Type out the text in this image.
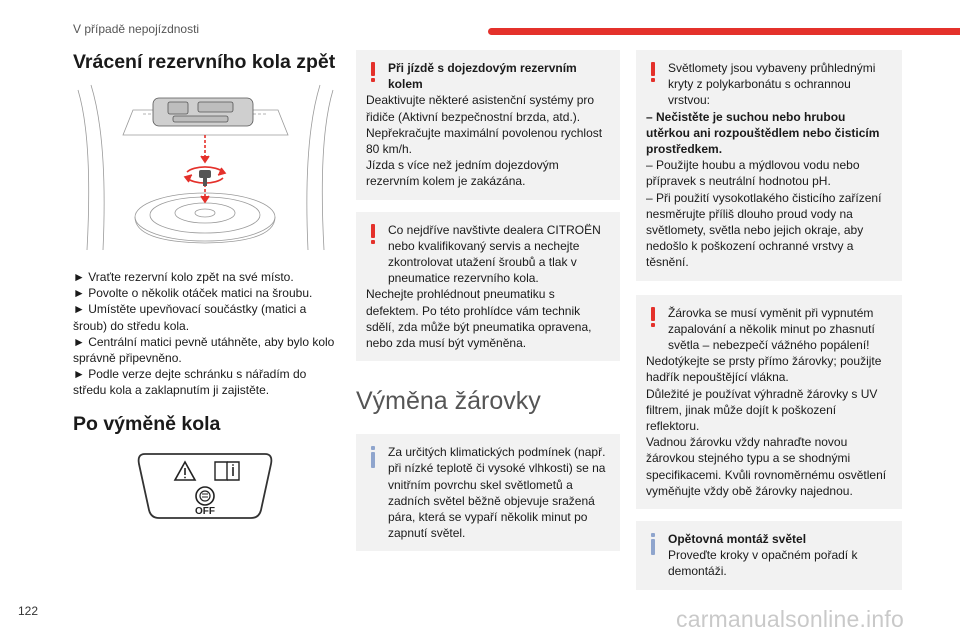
V případě nepojízdnosti
Vrácení rezervního kola zpět

► Vraťte rezervní kolo zpět na své místo.

► Povolte o několik otáček matici na šroubu.

► Umístěte upevňovací součástky (matici a šroub) do středu kola.

► Centrální matici pevně utáhněte, aby bylo kolo správně připevněno.

► Podle verze dejte schránku s nářadím do středu kola a zaklapnutím ji zajistěte.

Po výměně kola
OFF

Při jízdě s dojezdovým rezervním kolem

Deaktivujte některé asistenční systémy pro řidiče (Aktivní bezpečnostní brzda, atd.).

Nepřekračujte maximální povolenou rychlost 80 km/h.

Jízda s více než jedním dojezdovým rezervním kolem je zakázána.

Co nejdříve navštivte dealera CITROËN nebo kvalifikovaný servis a nechejte zkontrolovat utažení šroubů a tlak v pneumatice rezervního kola.

Nechejte prohlédnout pneumatiku s defektem. Po této prohlídce vám technik sdělí, zda může být pneumatika opravena, nebo zda musí být vyměněna.

Výměna žárovky

Za určitých klimatických podmínek (např. při nízké teplotě či vysoké vlhkosti) se na vnitřním povrchu skel světlometů a zadních světel běžně objevuje sražená pára, která se vypaří několik minut po zapnutí světel.

Světlomety jsou vybaveny průhlednými kryty z polykarbonátu s ochrannou vrstvou:

– Nečistěte je suchou nebo hrubou utěrkou ani rozpouštědlem nebo čisticím prostředkem.

– Použijte houbu a mýdlovou vodu nebo přípravek s neutrální hodnotou pH.

– Při použití vysokotlakého čisticího zařízení nesměrujte příliš dlouho proud vody na světlomety, světla nebo jejich okraje, aby nedošlo k poškození ochranné vrstvy a těsnění.

Žárovka se musí vyměnit při vypnutém zapalování a několik minut po zhasnutí světla – nebezpečí vážného popálení!

Nedotýkejte se prsty přímo žárovky; použijte hadřík nepouštějící vlákna.

Důležité je používat výhradně žárovky s UV filtrem, jinak může dojít k poškození reflektoru.

Vadnou žárovku vždy nahraďte novou žárovkou stejného typu a se shodnými specifikacemi. Kvůli rovnoměrnému osvětlení vyměňujte vždy obě žárovky najednou.

Opětovná montáž světel

Proveďte kroky v opačném pořadí k demontáži.

122	carmanualsonline.info
